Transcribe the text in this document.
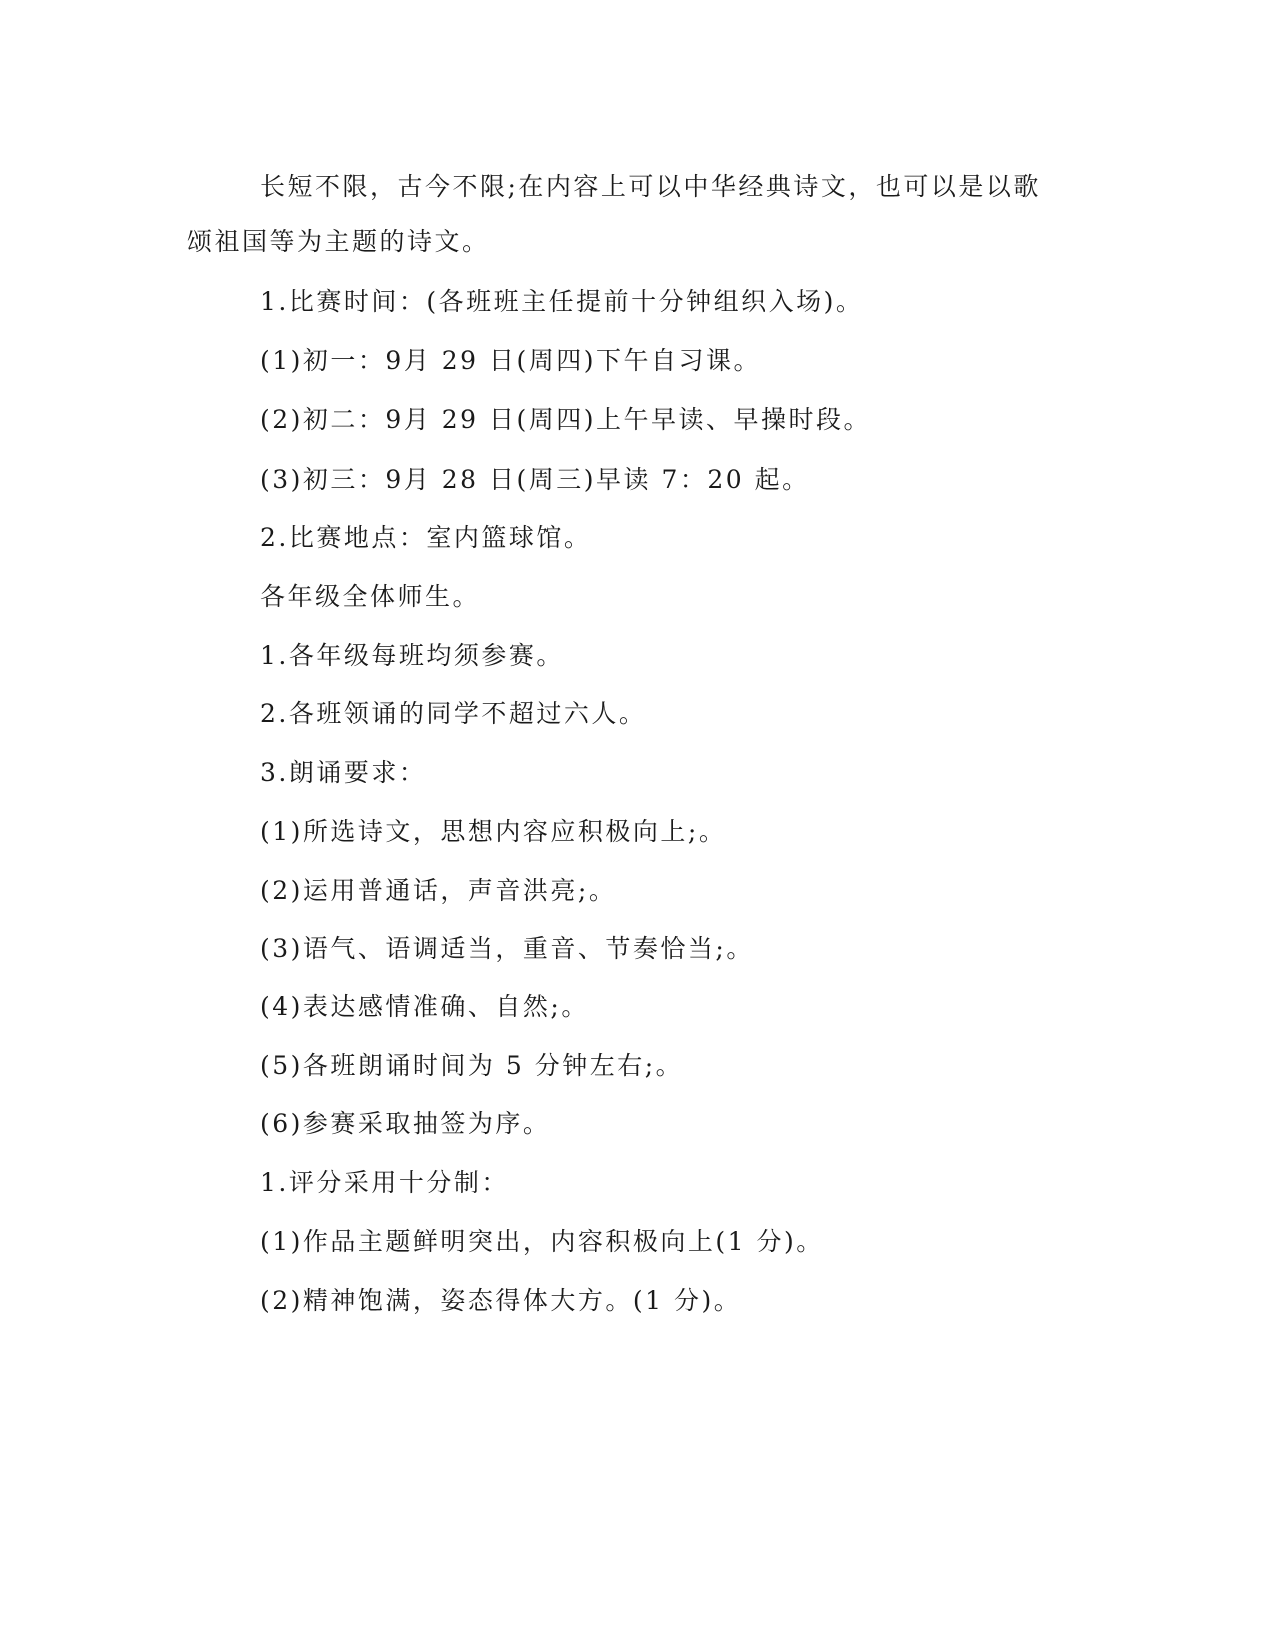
长短不限，古今不限;在内容上可以中华经典诗文，也可以是以歌
颂祖国等为主题的诗文。
1.比赛时间：(各班班主任提前十分钟组织入场)。
(1)初一：9月 29 日(周四)下午自习课。
(2)初二：9月 29 日(周四)上午早读、早操时段。
(3)初三：9月 28 日(周三)早读 7：20 起。
2.比赛地点：室内篮球馆。
各年级全体师生。
1.各年级每班均须参赛。
2.各班领诵的同学不超过六人。
3.朗诵要求：
(1)所选诗文，思想内容应积极向上;。
(2)运用普通话，声音洪亮;。
(3)语气、语调适当，重音、节奏恰当;。
(4)表达感情准确、自然;。
(5)各班朗诵时间为 5 分钟左右;。
(6)参赛采取抽签为序。
1.评分采用十分制：
(1)作品主题鲜明突出，内容积极向上(1 分)。
(2)精神饱满，姿态得体大方。(1 分)。
